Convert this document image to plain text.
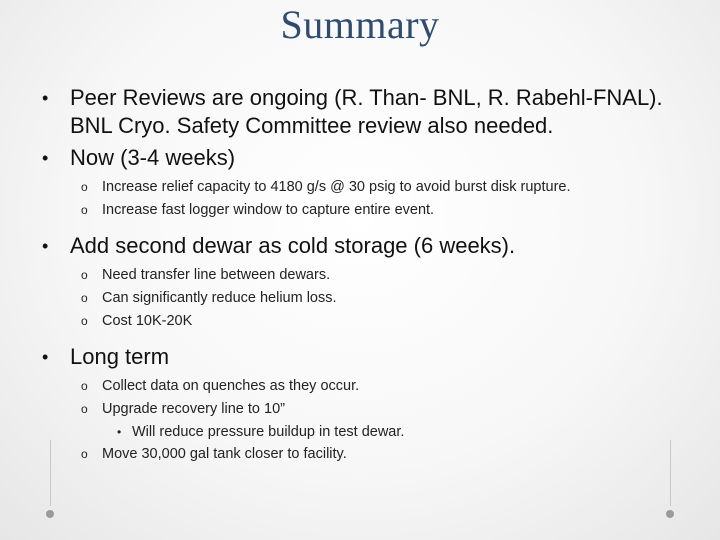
Summary
• Peer Reviews are ongoing (R. Than- BNL, R. Rabehl-FNAL). BNL Cryo. Safety Committee review also needed.
• Now (3-4 weeks)
o Increase relief capacity to 4180 g/s @ 30 psig to avoid burst disk rupture.
o Increase fast logger window to capture entire event.
• Add second dewar as cold storage (6 weeks).
o Need transfer line between dewars.
o Can significantly reduce helium loss.
o Cost 10K-20K
• Long term
o Collect data on quenches as they occur.
o Upgrade recovery line to 10”
• Will reduce pressure buildup in test dewar.
o Move 30,000 gal tank closer to facility.
